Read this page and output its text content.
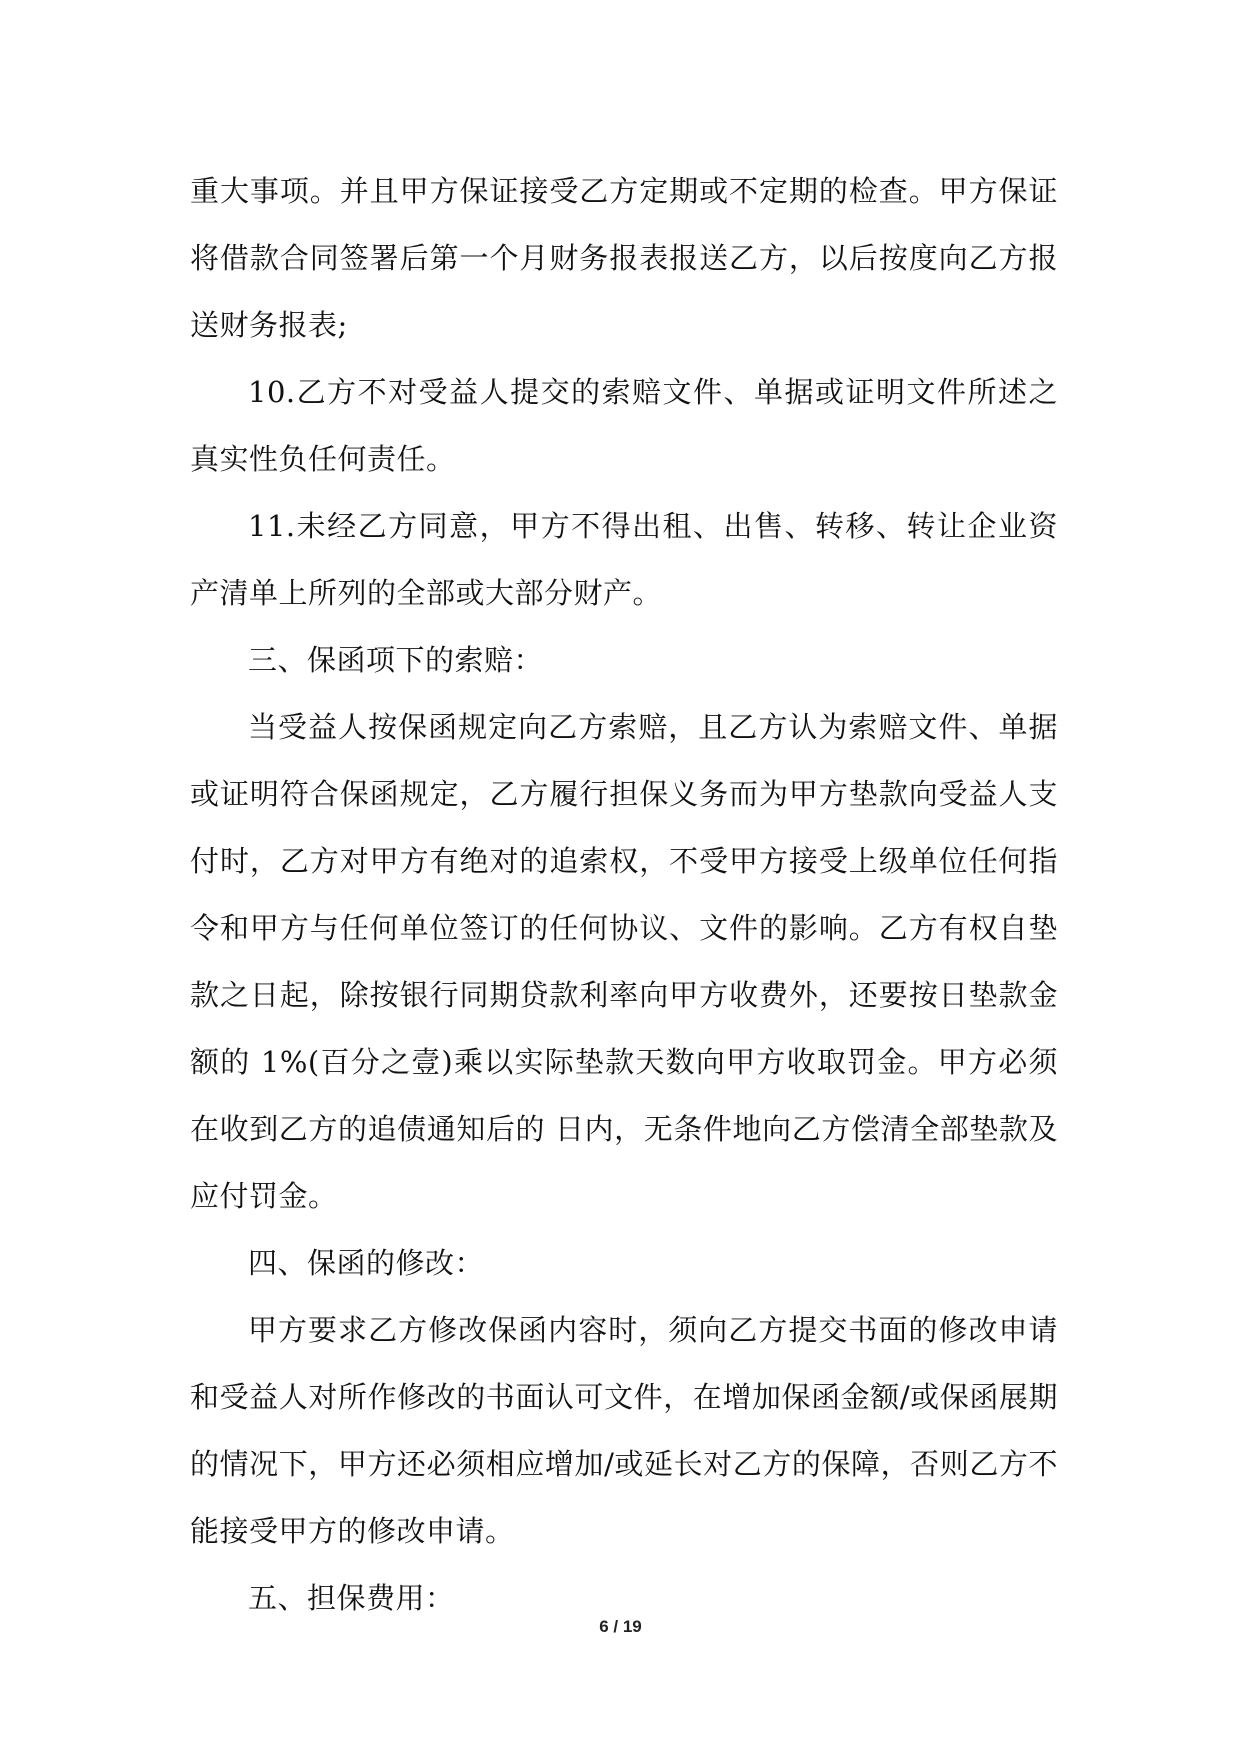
重大事项。并且甲方保证接受乙方定期或不定期的检查。甲方保证将借款合同签署后第一个月财务报表报送乙方，以后按度向乙方报送财务报表;

10.乙方不对受益人提交的索赔文件、单据或证明文件所述之真实性负任何责任。

11.未经乙方同意，甲方不得出租、出售、转移、转让企业资产清单上所列的全部或大部分财产。

三、保函项下的索赔：

当受益人按保函规定向乙方索赔，且乙方认为索赔文件、单据或证明符合保函规定，乙方履行担保义务而为甲方垫款向受益人支付时，乙方对甲方有绝对的追索权，不受甲方接受上级单位任何指令和甲方与任何单位签订的任何协议、文件的影响。乙方有权自垫款之日起，除按银行同期贷款利率向甲方收费外，还要按日垫款金额的 1%(百分之壹)乘以实际垫款天数向甲方收取罚金。甲方必须在收到乙方的追债通知后的 日内，无条件地向乙方偿清全部垫款及应付罚金。

四、保函的修改：

甲方要求乙方修改保函内容时，须向乙方提交书面的修改申请和受益人对所作修改的书面认可文件，在增加保函金额/或保函展期的情况下，甲方还必须相应增加/或延长对乙方的保障，否则乙方不能接受甲方的修改申请。

五、担保费用：

6 / 19
